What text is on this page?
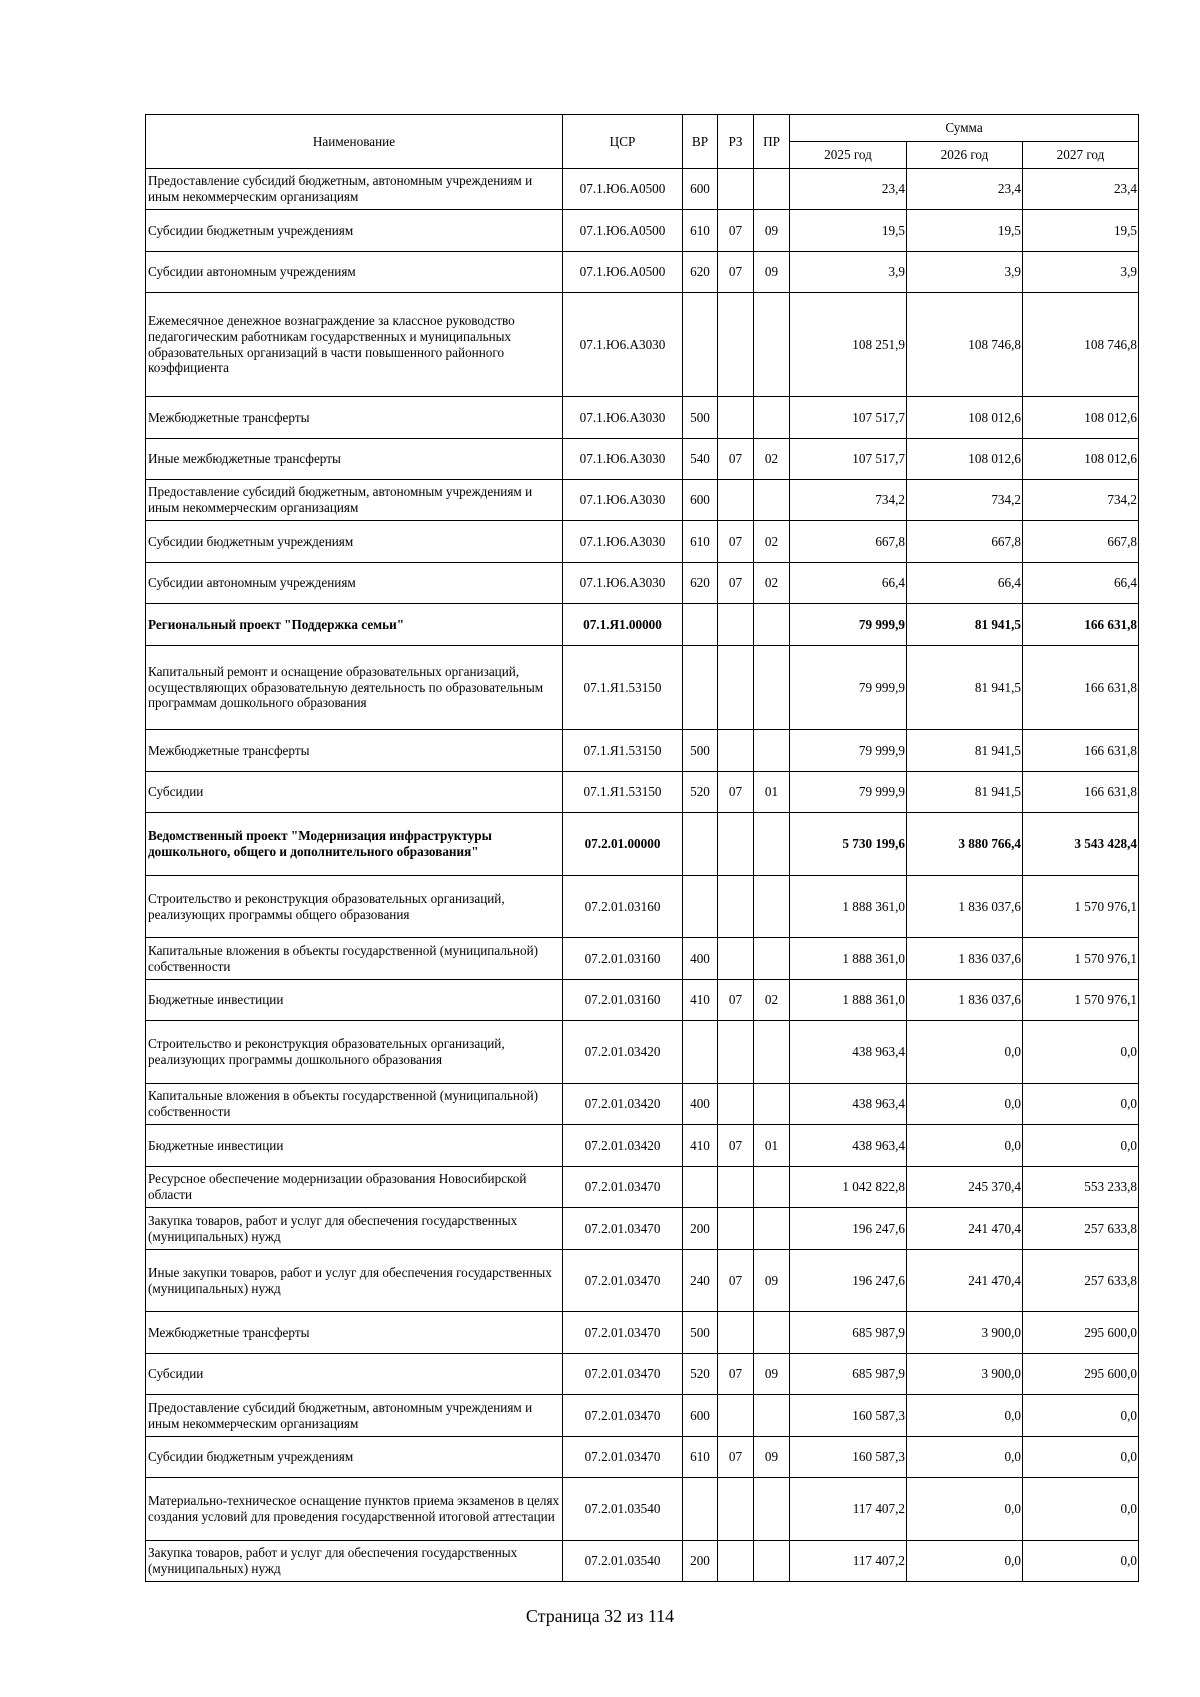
Наименование	ЦСР	ВР	РЗ	ПР	Сумма		
					2025 год	2026 год	2027 год
Предоставление субсидий бюджетным, автономным учреждениям и иным некоммерческим организациям	07.1.Ю6.А0500	600			23,4	23,4	23,4
Субсидии бюджетным учреждениям	07.1.Ю6.А0500	610	07	09	19,5	19,5	19,5
Субсидии автономным учреждениям	07.1.Ю6.А0500	620	07	09	3,9	3,9	3,9
Ежемесячное денежное вознаграждение за классное руководство педагогическим работникам государственных и муниципальных образовательных организаций в части повышенного районного коэффициента	07.1.Ю6.А3030				108 251,9	108 746,8	108 746,8
Межбюджетные трансферты	07.1.Ю6.А3030	500			107 517,7	108 012,6	108 012,6
Иные межбюджетные трансферты	07.1.Ю6.А3030	540	07	02	107 517,7	108 012,6	108 012,6
Предоставление субсидий бюджетным, автономным учреждениям и иным некоммерческим организациям	07.1.Ю6.А3030	600			734,2	734,2	734,2
Субсидии бюджетным учреждениям	07.1.Ю6.А3030	610	07	02	667,8	667,8	667,8
Субсидии автономным учреждениям	07.1.Ю6.А3030	620	07	02	66,4	66,4	66,4
Региональный проект "Поддержка семьи"	07.1.Я1.00000				79 999,9	81 941,5	166 631,8
Капитальный ремонт и оснащение образовательных организаций, осуществляющих образовательную деятельность по образовательным программам дошкольного образования	07.1.Я1.53150				79 999,9	81 941,5	166 631,8
Межбюджетные трансферты	07.1.Я1.53150	500			79 999,9	81 941,5	166 631,8
Субсидии	07.1.Я1.53150	520	07	01	79 999,9	81 941,5	166 631,8
Ведомственный проект "Модернизация инфраструктуры дошкольного, общего и дополнительного образования"	07.2.01.00000				5 730 199,6	3 880 766,4	3 543 428,4
Строительство и реконструкция образовательных организаций, реализующих программы общего образования	07.2.01.03160				1 888 361,0	1 836 037,6	1 570 976,1
Капитальные вложения в объекты государственной (муниципальной) собственности	07.2.01.03160	400			1 888 361,0	1 836 037,6	1 570 976,1
Бюджетные инвестиции	07.2.01.03160	410	07	02	1 888 361,0	1 836 037,6	1 570 976,1
Строительство и реконструкция образовательных организаций, реализующих программы дошкольного образования	07.2.01.03420				438 963,4	0,0	0,0
Капитальные вложения в объекты государственной (муниципальной) собственности	07.2.01.03420	400			438 963,4	0,0	0,0
Бюджетные инвестиции	07.2.01.03420	410	07	01	438 963,4	0,0	0,0
Ресурсное обеспечение модернизации образования Новосибирской области	07.2.01.03470				1 042 822,8	245 370,4	553 233,8
Закупка товаров, работ и услуг для обеспечения государственных (муниципальных) нужд	07.2.01.03470	200			196 247,6	241 470,4	257 633,8
Иные закупки товаров, работ и услуг для обеспечения государственных (муниципальных) нужд	07.2.01.03470	240	07	09	196 247,6	241 470,4	257 633,8
Межбюджетные трансферты	07.2.01.03470	500			685 987,9	3 900,0	295 600,0
Субсидии	07.2.01.03470	520	07	09	685 987,9	3 900,0	295 600,0
Предоставление субсидий бюджетным, автономным учреждениям и иным некоммерческим организациям	07.2.01.03470	600			160 587,3	0,0	0,0
Субсидии бюджетным учреждениям	07.2.01.03470	610	07	09	160 587,3	0,0	0,0
Материально-техническое оснащение пунктов приема экзаменов в целях создания условий для проведения государственной итоговой аттестации	07.2.01.03540				117 407,2	0,0	0,0
Закупка товаров, работ и услуг для обеспечения государственных (муниципальных) нужд	07.2.01.03540	200			117 407,2	0,0	0,0
Страница 32 из 114
